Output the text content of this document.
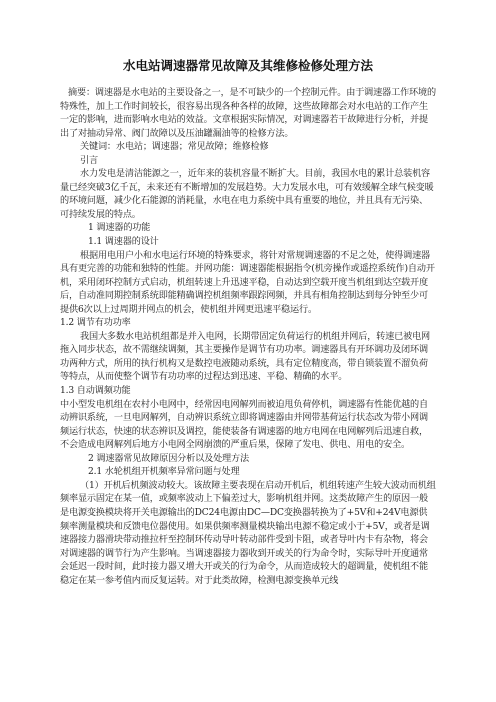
水电站调速器常见故障及其维修检修处理方法

摘要：调速器是水电站的主要设备之一，是不可缺少的一个控制元件。由于调速器工作环境的特殊性，加上工作时间较长，很容易出现各种各样的故障，这些故障都会对水电站的工作产生一定的影响，进而影响水电站的效益。文章根据实际情况，对调速器若干故障进行分析，并提出了对抽动异常、阀门故障以及压油罐漏油等的检修方法。

关键词：水电站；调速器；常见故障；维修检修

引言

水力发电是清洁能源之一，近年来的装机容量不断扩大。目前，我国水电的累计总装机容量已经突破3亿千瓦，未来还有不断增加的发展趋势。大力发展水电，可有效缓解全球气候变暖的环境问题，减少化石能源的消耗量，水电在电力系统中具有重要的地位，并且具有无污染、可持续发展的特点。

1 调速器的功能

1.1 调速器的设计

根据用电用户小和水电运行环境的特殊要求，将针对常规调速器的不足之处，使得调速器具有更完善的功能和独特的性能。并网功能：调速器能根据指令(机旁操作或遥控系统作)自动开机，采用闭环控制方式启动，机组转速上升迅速平稳，自动达到空载开度当机组到达空载开度后，自动准同期控制系统即能精确调控机组频率跟踪网频，并具有相角控制达到每分钟至少可提供6次以上过周期并网点的机会，使机组并网更迅速平稳运行。

1.2 调节有功功率

我国大多数水电站机组都是并入电网，长期带固定负荷运行的机组并网后，转速已被电网拖入同步状态，故不需继续调频，其主要操作是调节有功功率。调速器具有开环调功及闭环调功两种方式，所用的执行机构又是数控电液随动系统，具有定位精度高，带自锁装置不溜负荷等特点，从而使整个调节有功功率的过程达到迅速、平稳、精确的水平。

1.3 自动调频功能

中小型发电机组在农村小电网中，经常因电网解列而被迫甩负荷停机，调速器有性能优越的自动辨识系统，一旦电网解列，自动辨识系统立即将调速器由并网带基荷运行状态改为带小网调频运行状态，快速的状态辨识及调控，能使装备有调速器的地方电网在电网解列后迅速自救，不会造成电网解列后地方小电网全网崩溃的严重后果，保障了发电、供电、用电的安全。

2 调速器常见故障原因分析以及处理方法

2.1 水轮机组开机频率异常问题与处理

（1）开机后机频波动较大。该故障主要表现在启动开机后，机组转速产生较大波动而机组频率显示固定在某一值，或频率波动上下偏差过大，影响机组并网。这类故障产生的原因一般是电源变换模块将开关电源输出的DC24电源由DC—DC变换器转换为了+5V和+24V电源供频率测量模块和反馈电位器使用。如果供频率测量模块输出电源不稳定或小于+5V，或者是调速器接力器滑块带动推拉杆至控制环传动导叶转动部件受到卡阻，或者导叶内卡有杂物，将会对调速器的调节行为产生影响。当调速器接力器收到开或关的行为命令时，实际导叶开度通常会延迟一段时间，此时接力器又增大开或关的行为命令，从而造成较大的超调量，使机组不能稳定在某一参考值内而反复运转。对于此类故障，检测电源变换单元线
